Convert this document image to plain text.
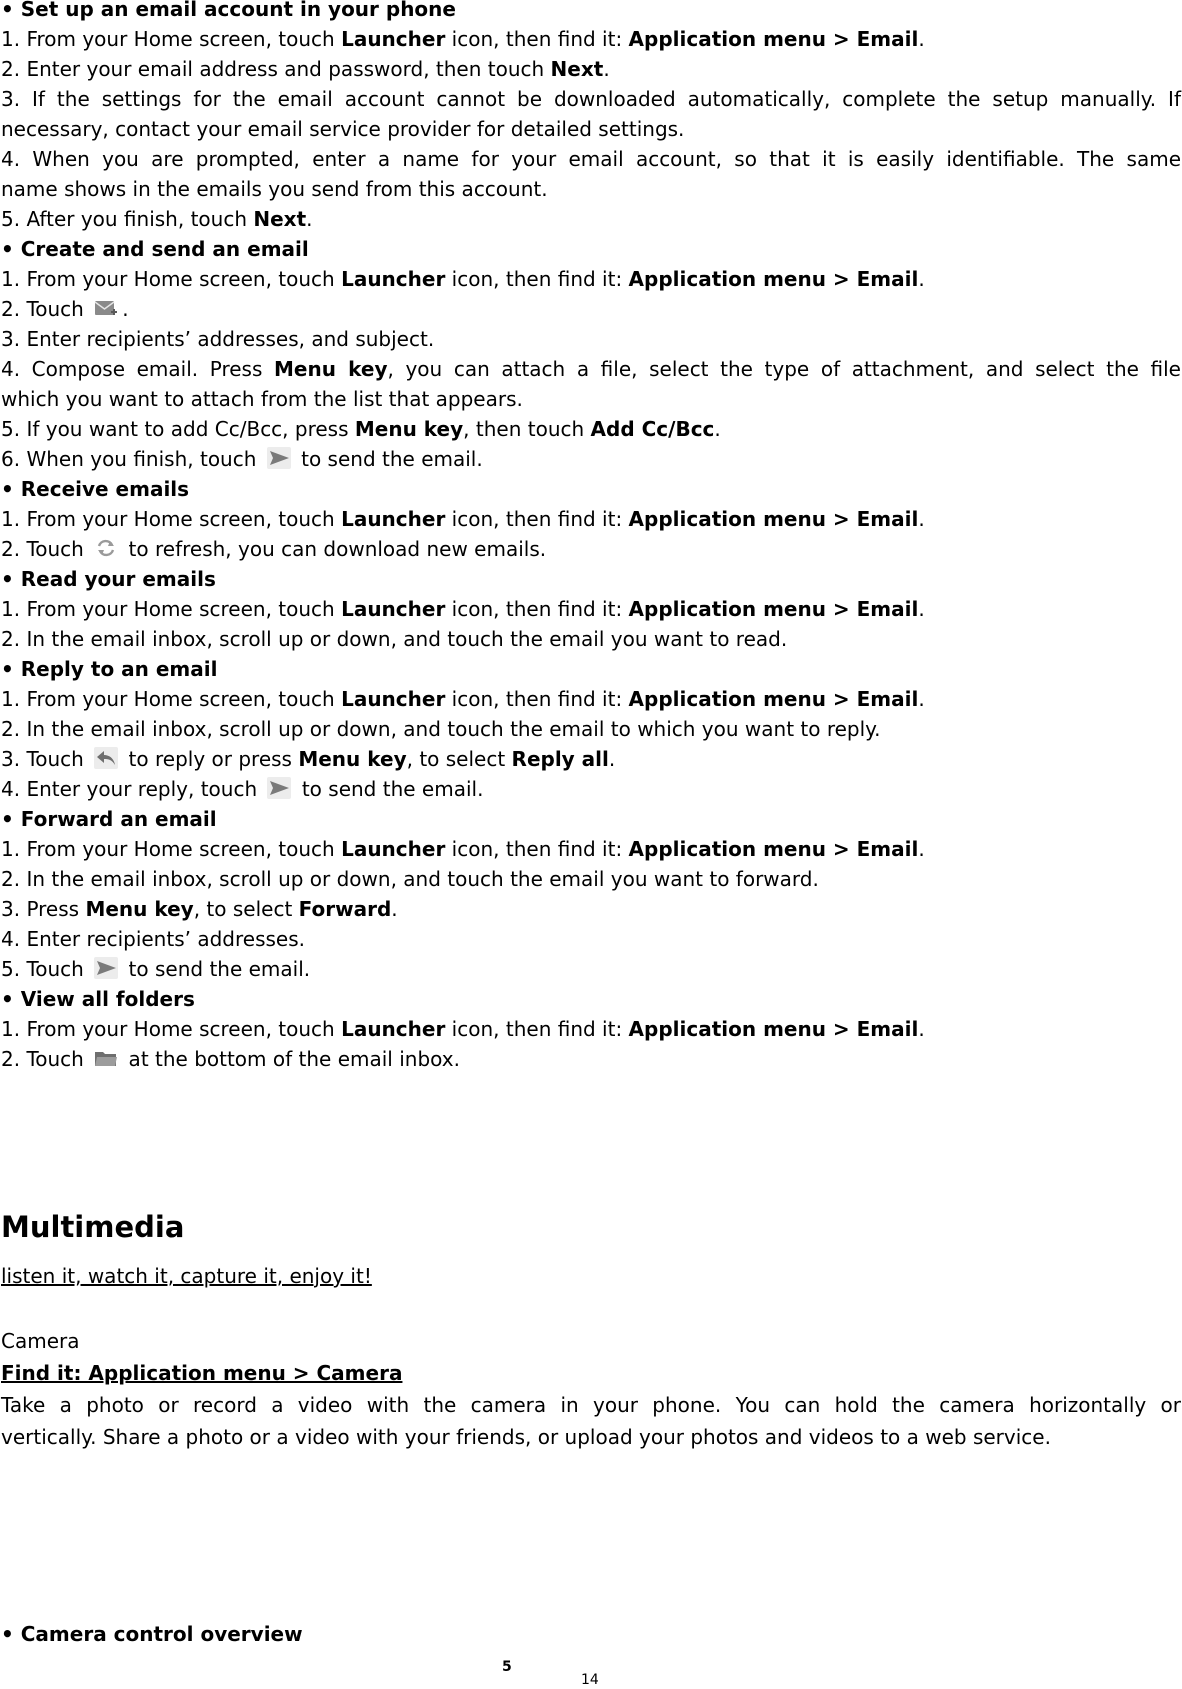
• Set up an email account in your phone
1. From your Home screen, touch Launcher icon, then find it: Application menu > Email.
2. Enter your email address and password, then touch Next.
3. If the settings for the email account cannot be downloaded automatically, complete the setup manually. If
necessary, contact your email service provider for detailed settings.
4. When you are prompted, enter a name for your email account, so that it is easily identifiable. The same
name shows in the emails you send from this account.
5. After you finish, touch Next.
• Create and send an email
1. From your Home screen, touch Launcher icon, then find it: Application menu > Email.
2. Touch
.
3. Enter recipients’ addresses, and subject.
4. Compose email. Press Menu key, you can attach a file, select the type of attachment, and select the file
which you want to attach from the list that appears.
5. If you want to add Cc/Bcc, press Menu key, then touch Add Cc/Bcc.
6. When you finish, touch
to send the email.
• Receive emails
1. From your Home screen, touch Launcher icon, then find it: Application menu > Email.
2. Touch
to refresh, you can download new emails.
• Read your emails
1. From your Home screen, touch Launcher icon, then find it: Application menu > Email.
2. In the email inbox, scroll up or down, and touch the email you want to read.
• Reply to an email
1. From your Home screen, touch Launcher icon, then find it: Application menu > Email.
2. In the email inbox, scroll up or down, and touch the email to which you want to reply.
3. Touch
to reply or press Menu key, to select Reply all.
4. Enter your reply, touch
to send the email.
• Forward an email
1. From your Home screen, touch Launcher icon, then find it: Application menu > Email.
2. In the email inbox, scroll up or down, and touch the email you want to forward.
3. Press Menu key, to select Forward.
4. Enter recipients’ addresses.
5. Touch
to send the email.
• View all folders
1. From your Home screen, touch Launcher icon, then find it: Application menu > Email.
2. Touch
at the bottom of the email inbox.
Multimedia
listen it, watch it, capture it, enjoy it!
Camera
Find it: Application menu > Camera
Take a photo or record a video with the camera in your phone. You can hold the camera horizontally or
vertically. Share a photo or a video with your friends, or upload your photos and videos to a web service.
• Camera control overview
5
14
